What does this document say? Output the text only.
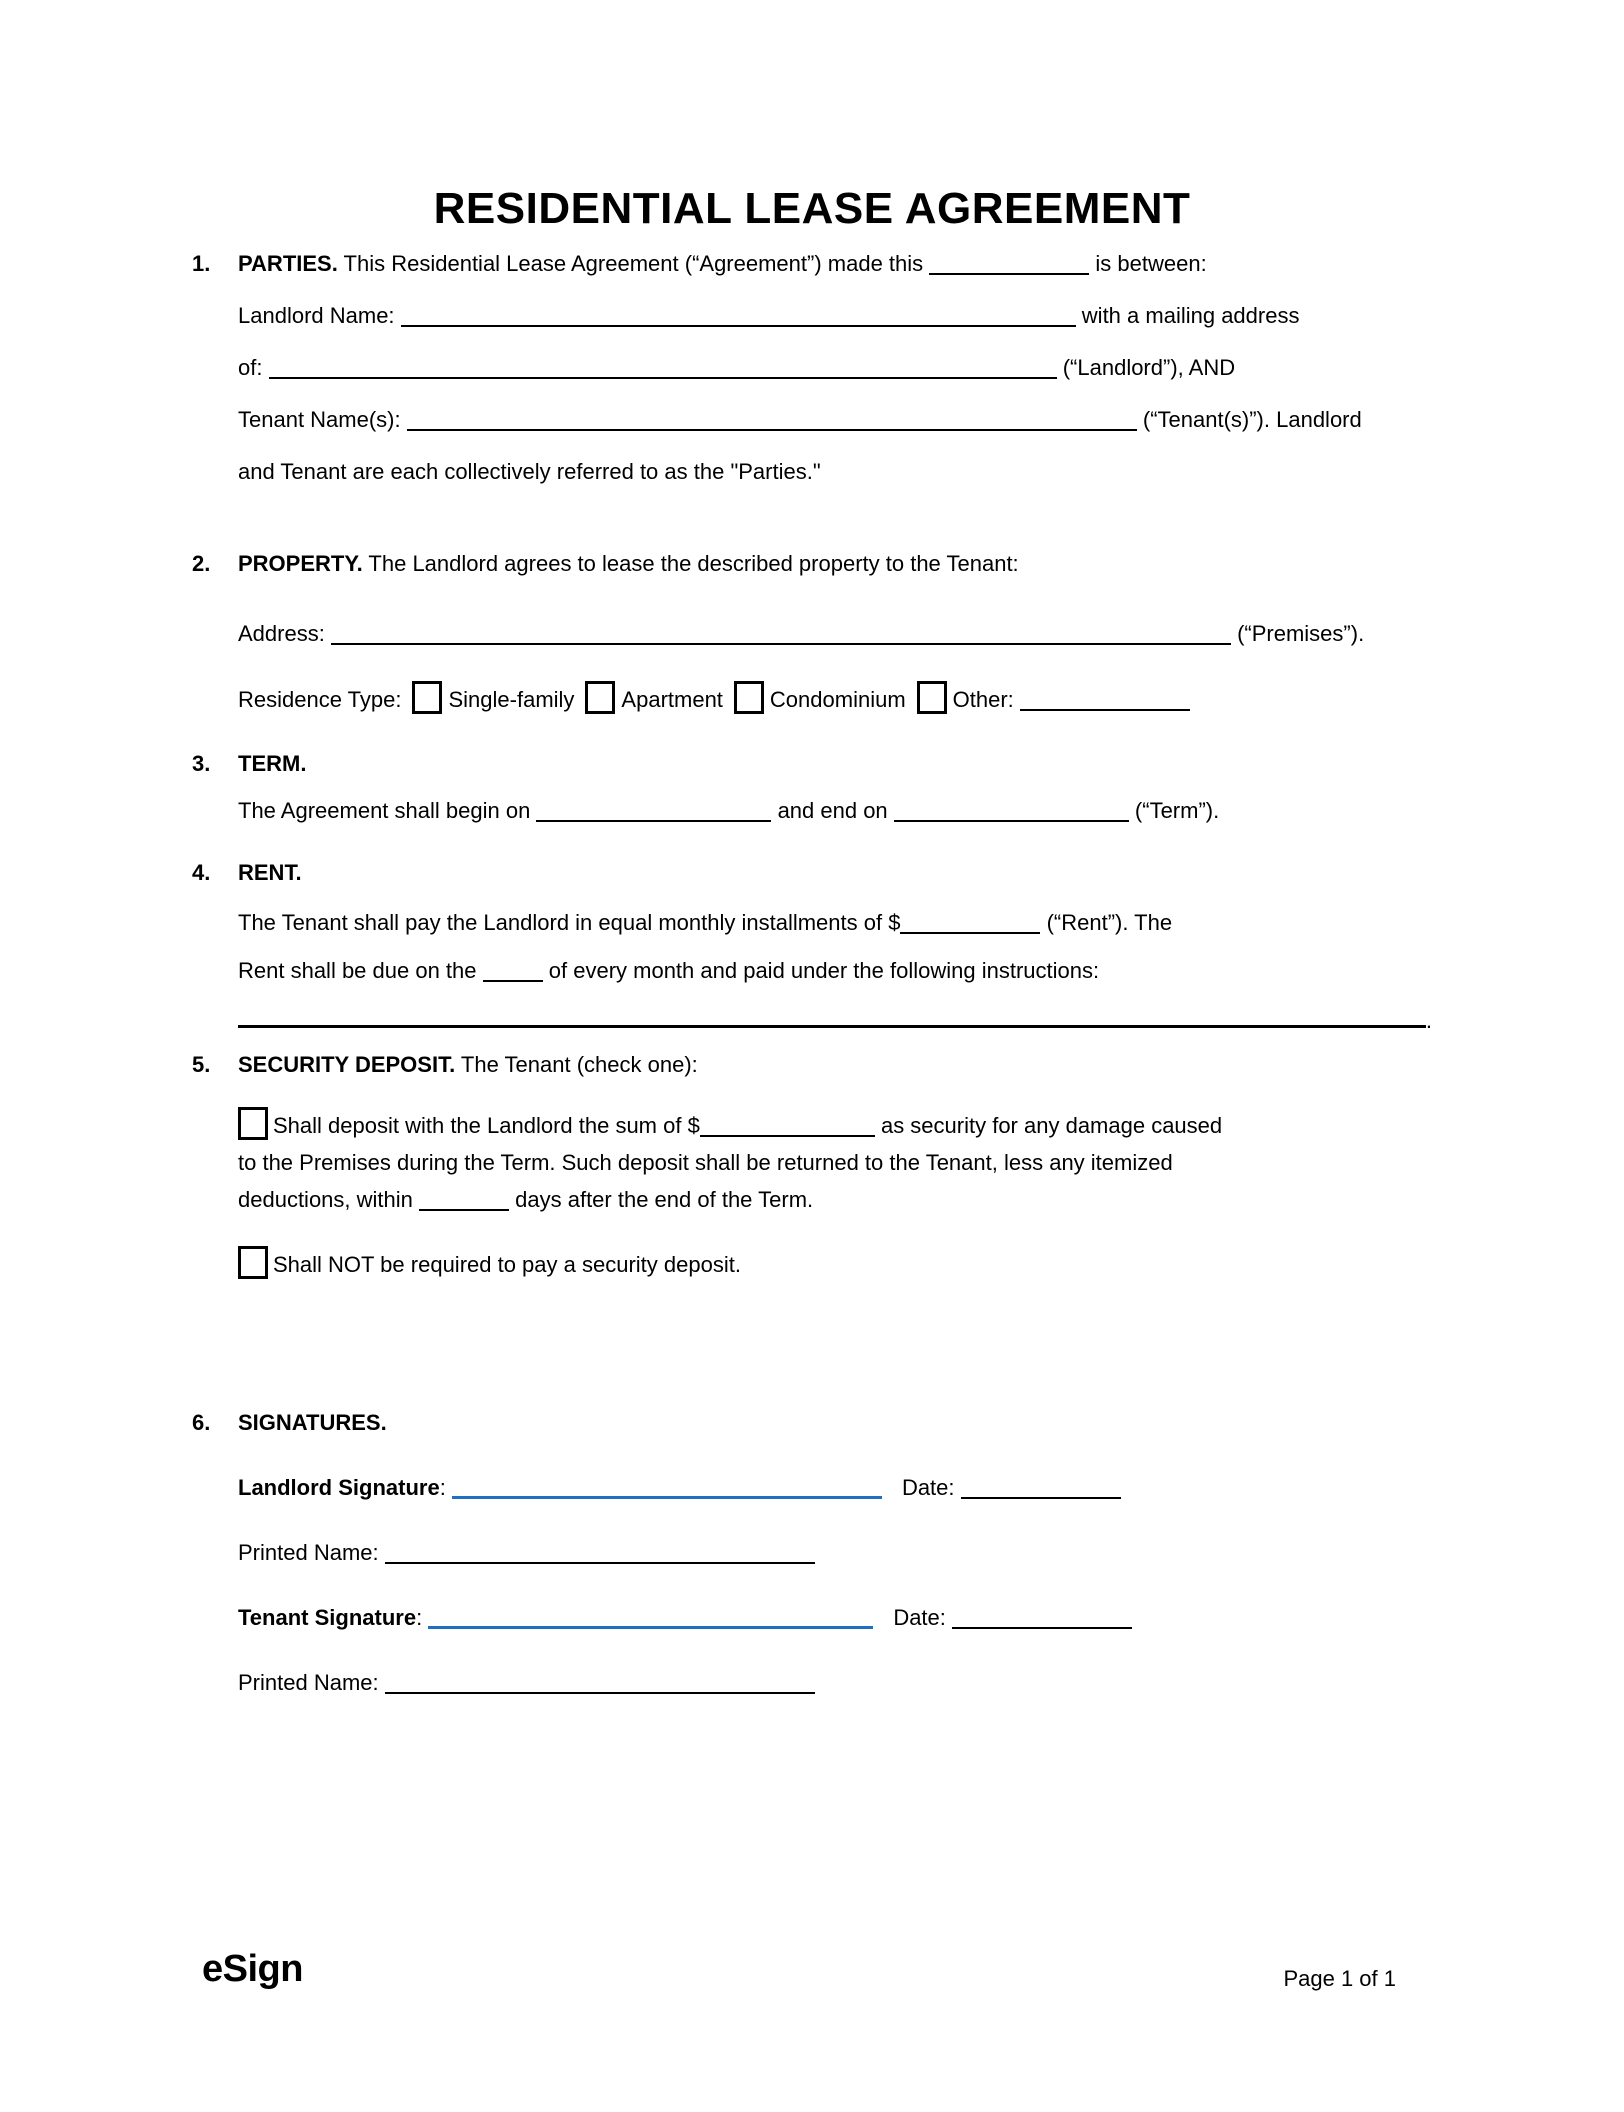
RESIDENTIAL LEASE AGREEMENT
1.	PARTIES. This Residential Lease Agreement (“Agreement”) made this	is between:
Landlord Name:	with a mailing address
of:	(“Landlord”), AND
Tenant Name(s):	(“Tenant(s)”). Landlord
and Tenant are each collectively referred to as the "Parties."
2.	PROPERTY. The Landlord agrees to lease the described property to the Tenant:
Address:	(“Premises”).
Residence Type: Single-family Apartment Condominium Other:
3.	TERM.
The Agreement shall begin on	and end on	(“Term”).
4.	RENT.
The Tenant shall pay the Landlord in equal monthly installments of $	(“Rent”). The
Rent shall be due on the	of every month and paid under the following instructions:
.
5.	SECURITY DEPOSIT. The Tenant (check one):
Shall deposit with the Landlord the sum of $	as security for any damage caused
to the Premises during the Term. Such deposit shall be returned to the Tenant, less any itemized
deductions, within	days after the end of the Term.
Shall NOT be required to pay a security deposit.
6.	SIGNATURES.
Landlord Signature:	Date:
Printed Name:
Tenant Signature:	Date:
Printed Name:
eSign	Page 1 of 1
